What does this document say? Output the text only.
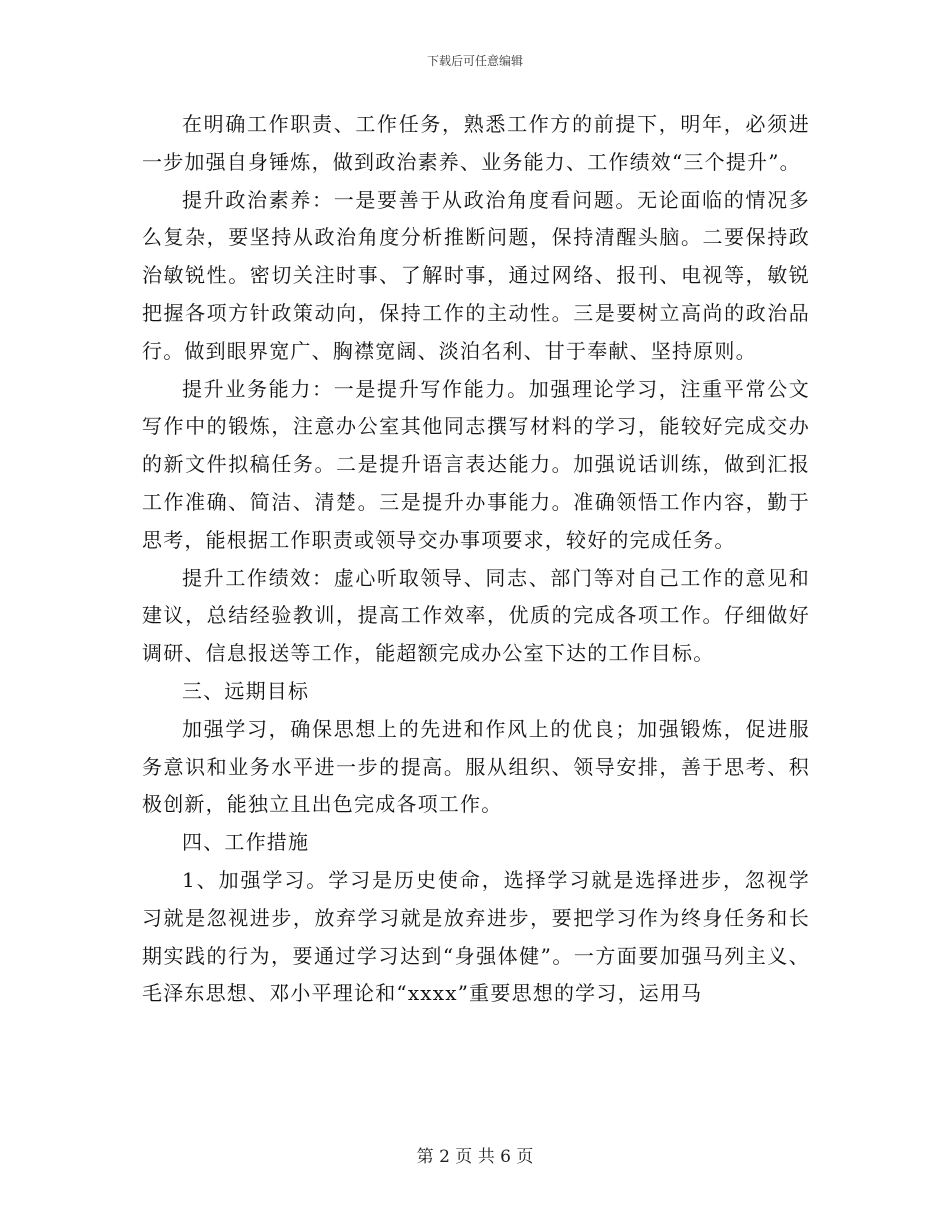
下载后可任意编辑

在明确工作职责、工作任务，熟悉工作方的前提下，明年，必须进一步加强自身锤炼，做到政治素养、业务能力、工作绩效“三个提升”。

提升政治素养：一是要善于从政治角度看问题。无论面临的情况多么复杂，要坚持从政治角度分析推断问题，保持清醒头脑。二要保持政治敏锐性。密切关注时事、了解时事，通过网络、报刊、电视等，敏锐把握各项方针政策动向，保持工作的主动性。三是要树立高尚的政治品行。做到眼界宽广、胸襟宽阔、淡泊名利、甘于奉献、坚持原则。

提升业务能力：一是提升写作能力。加强理论学习，注重平常公文写作中的锻炼，注意办公室其他同志撰写材料的学习，能较好完成交办的新文件拟稿任务。二是提升语言表达能力。加强说话训练，做到汇报工作准确、简洁、清楚。三是提升办事能力。准确领悟工作内容，勤于思考，能根据工作职责或领导交办事项要求，较好的完成任务。

提升工作绩效：虚心听取领导、同志、部门等对自己工作的意见和建议，总结经验教训，提高工作效率，优质的完成各项工作。仔细做好调研、信息报送等工作，能超额完成办公室下达的工作目标。

三、远期目标

加强学习，确保思想上的先进和作风上的优良；加强锻炼，促进服务意识和业务水平进一步的提高。服从组织、领导安排，善于思考、积极创新，能独立且出色完成各项工作。

四、工作措施

1、加强学习。学习是历史使命，选择学习就是选择进步，忽视学习就是忽视进步，放弃学习就是放弃进步，要把学习作为终身任务和长期实践的行为，要通过学习达到“身强体健”。一方面要加强马列主义、毛泽东思想、邓小平理论和“xxxx”重要思想的学习，运用马

第 2 页 共 6 页
